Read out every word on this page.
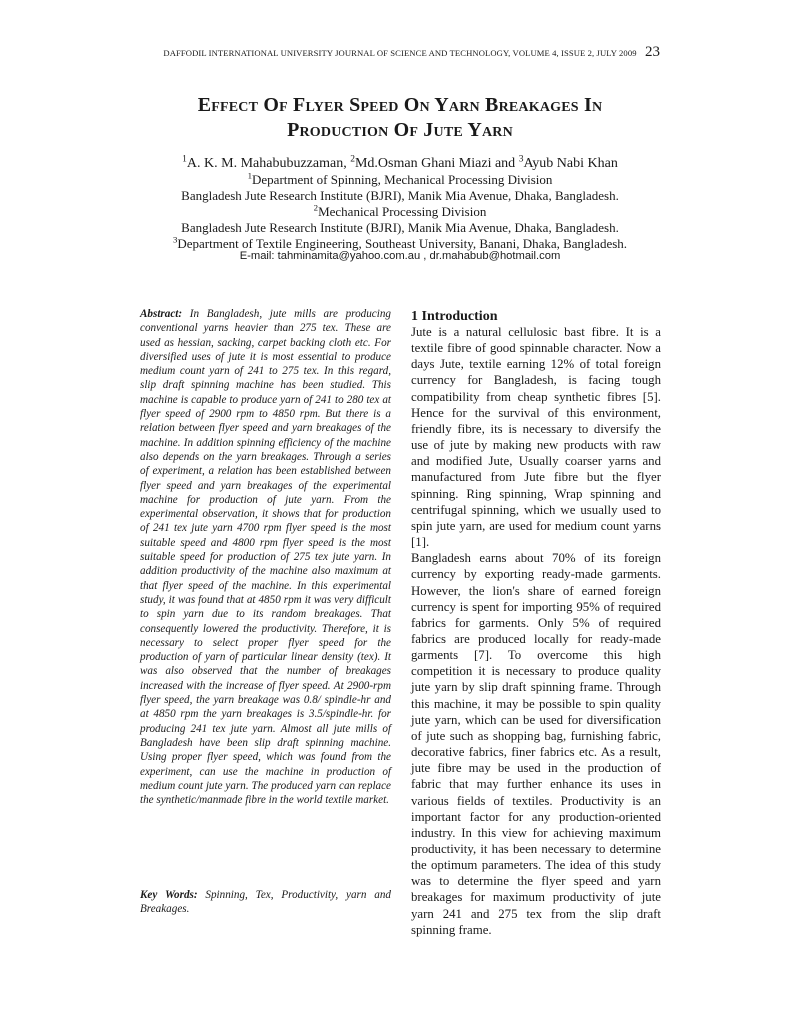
DAFFODIL INTERNATIONAL UNIVERSITY JOURNAL OF SCIENCE AND TECHNOLOGY, VOLUME 4, ISSUE 2, JULY 2009 23
Effect Of Flyer Speed On Yarn Breakages In
Production Of Jute Yarn
$^1$A. K. M. Mahabubuzzaman, $^2$Md.Osman Ghani Miazi and $^3$Ayub Nabi Khan
$^1$Department of Spinning, Mechanical Processing Division
Bangladesh Jute Research Institute (BJRI), Manik Mia Avenue, Dhaka, Bangladesh.
$^2$Mechanical Processing Division
Bangladesh Jute Research Institute (BJRI), Manik Mia Avenue, Dhaka, Bangladesh.
$^3$Department of Textile Engineering, Southeast University, Banani, Dhaka, Bangladesh.
E-mail: tahminamita@yahoo.com.au , dr.mahabub@hotmail.com
Abstract: In Bangladesh, jute mills are producing conventional yarns heavier than 275 tex. These are used as hessian, sacking, carpet backing cloth etc. For diversified uses of jute it is most essential to produce medium count yarn of 241 to 275 tex. In this regard, slip draft spinning machine has been studied. This machine is capable to produce yarn of 241 to 280 tex at flyer speed of 2900 rpm to 4850 rpm. But there is a relation between flyer speed and yarn breakages of the machine. In addition spinning efficiency of the machine also depends on the yarn breakages. Through a series of experiment, a relation has been established between flyer speed and yarn breakages of the experimental machine for production of jute yarn. From the experimental observation, it shows that for production of 241 tex jute yarn 4700 rpm flyer speed is the most suitable speed and 4800 rpm flyer speed is the most suitable speed for production of 275 tex jute yarn. In addition productivity of the machine also maximum at that flyer speed of the machine. In this experimental study, it was found that at 4850 rpm it was very difficult to spin yarn due to its random breakages. That consequently lowered the productivity. Therefore, it is necessary to select proper flyer speed for the production of yarn of particular linear density (tex). It was also observed that the number of breakages increased with the increase of flyer speed. At 2900-rpm flyer speed, the yarn breakage was 0.8/ spindle-hr and at 4850 rpm the yarn breakages is 3.5/spindle-hr. for producing 241 tex jute yarn. Almost all jute mills of Bangladesh have been slip draft spinning machine. Using proper flyer speed, which was found from the experiment, can use the machine in production of medium count jute yarn. The produced yarn can replace the synthetic/manmade fibre in the world textile market.
Key Words: Spinning, Tex, Productivity, yarn and Breakages.
1 Introduction

Jute is a natural cellulosic bast fibre. It is a textile fibre of good spinnable character. Now a days Jute, textile earning 12% of total foreign currency for Bangladesh, is facing tough compatibility from cheap synthetic fibres [5]. Hence for the survival of this environment, friendly fibre, its is necessary to diversify the use of jute by making new products with raw and modified Jute, Usually coarser yarns and manufactured from Jute fibre but the flyer spinning. Ring spinning, Wrap spinning and centrifugal spinning, which we usually used to spin jute yarn, are used for medium count yarns [1].

Bangladesh earns about 70% of its foreign currency by exporting ready-made garments. However, the lion's share of earned foreign currency is spent for importing 95% of required fabrics for garments. Only 5% of required fabrics are produced locally for ready-made garments [7]. To overcome this high competition it is necessary to produce quality jute yarn by slip draft spinning frame. Through this machine, it may be possible to spin quality jute yarn, which can be used for diversification of jute such as shopping bag, furnishing fabric, decorative fabrics, finer fabrics etc. As a result, jute fibre may be used in the production of fabric that may further enhance its uses in various fields of textiles. Productivity is an important factor for any production-oriented industry. In this view for achieving maximum productivity, it has been necessary to determine the optimum parameters. The idea of this study was to determine the flyer speed and yarn breakages for maximum productivity of jute yarn 241 and 275 tex from the slip draft spinning frame.
